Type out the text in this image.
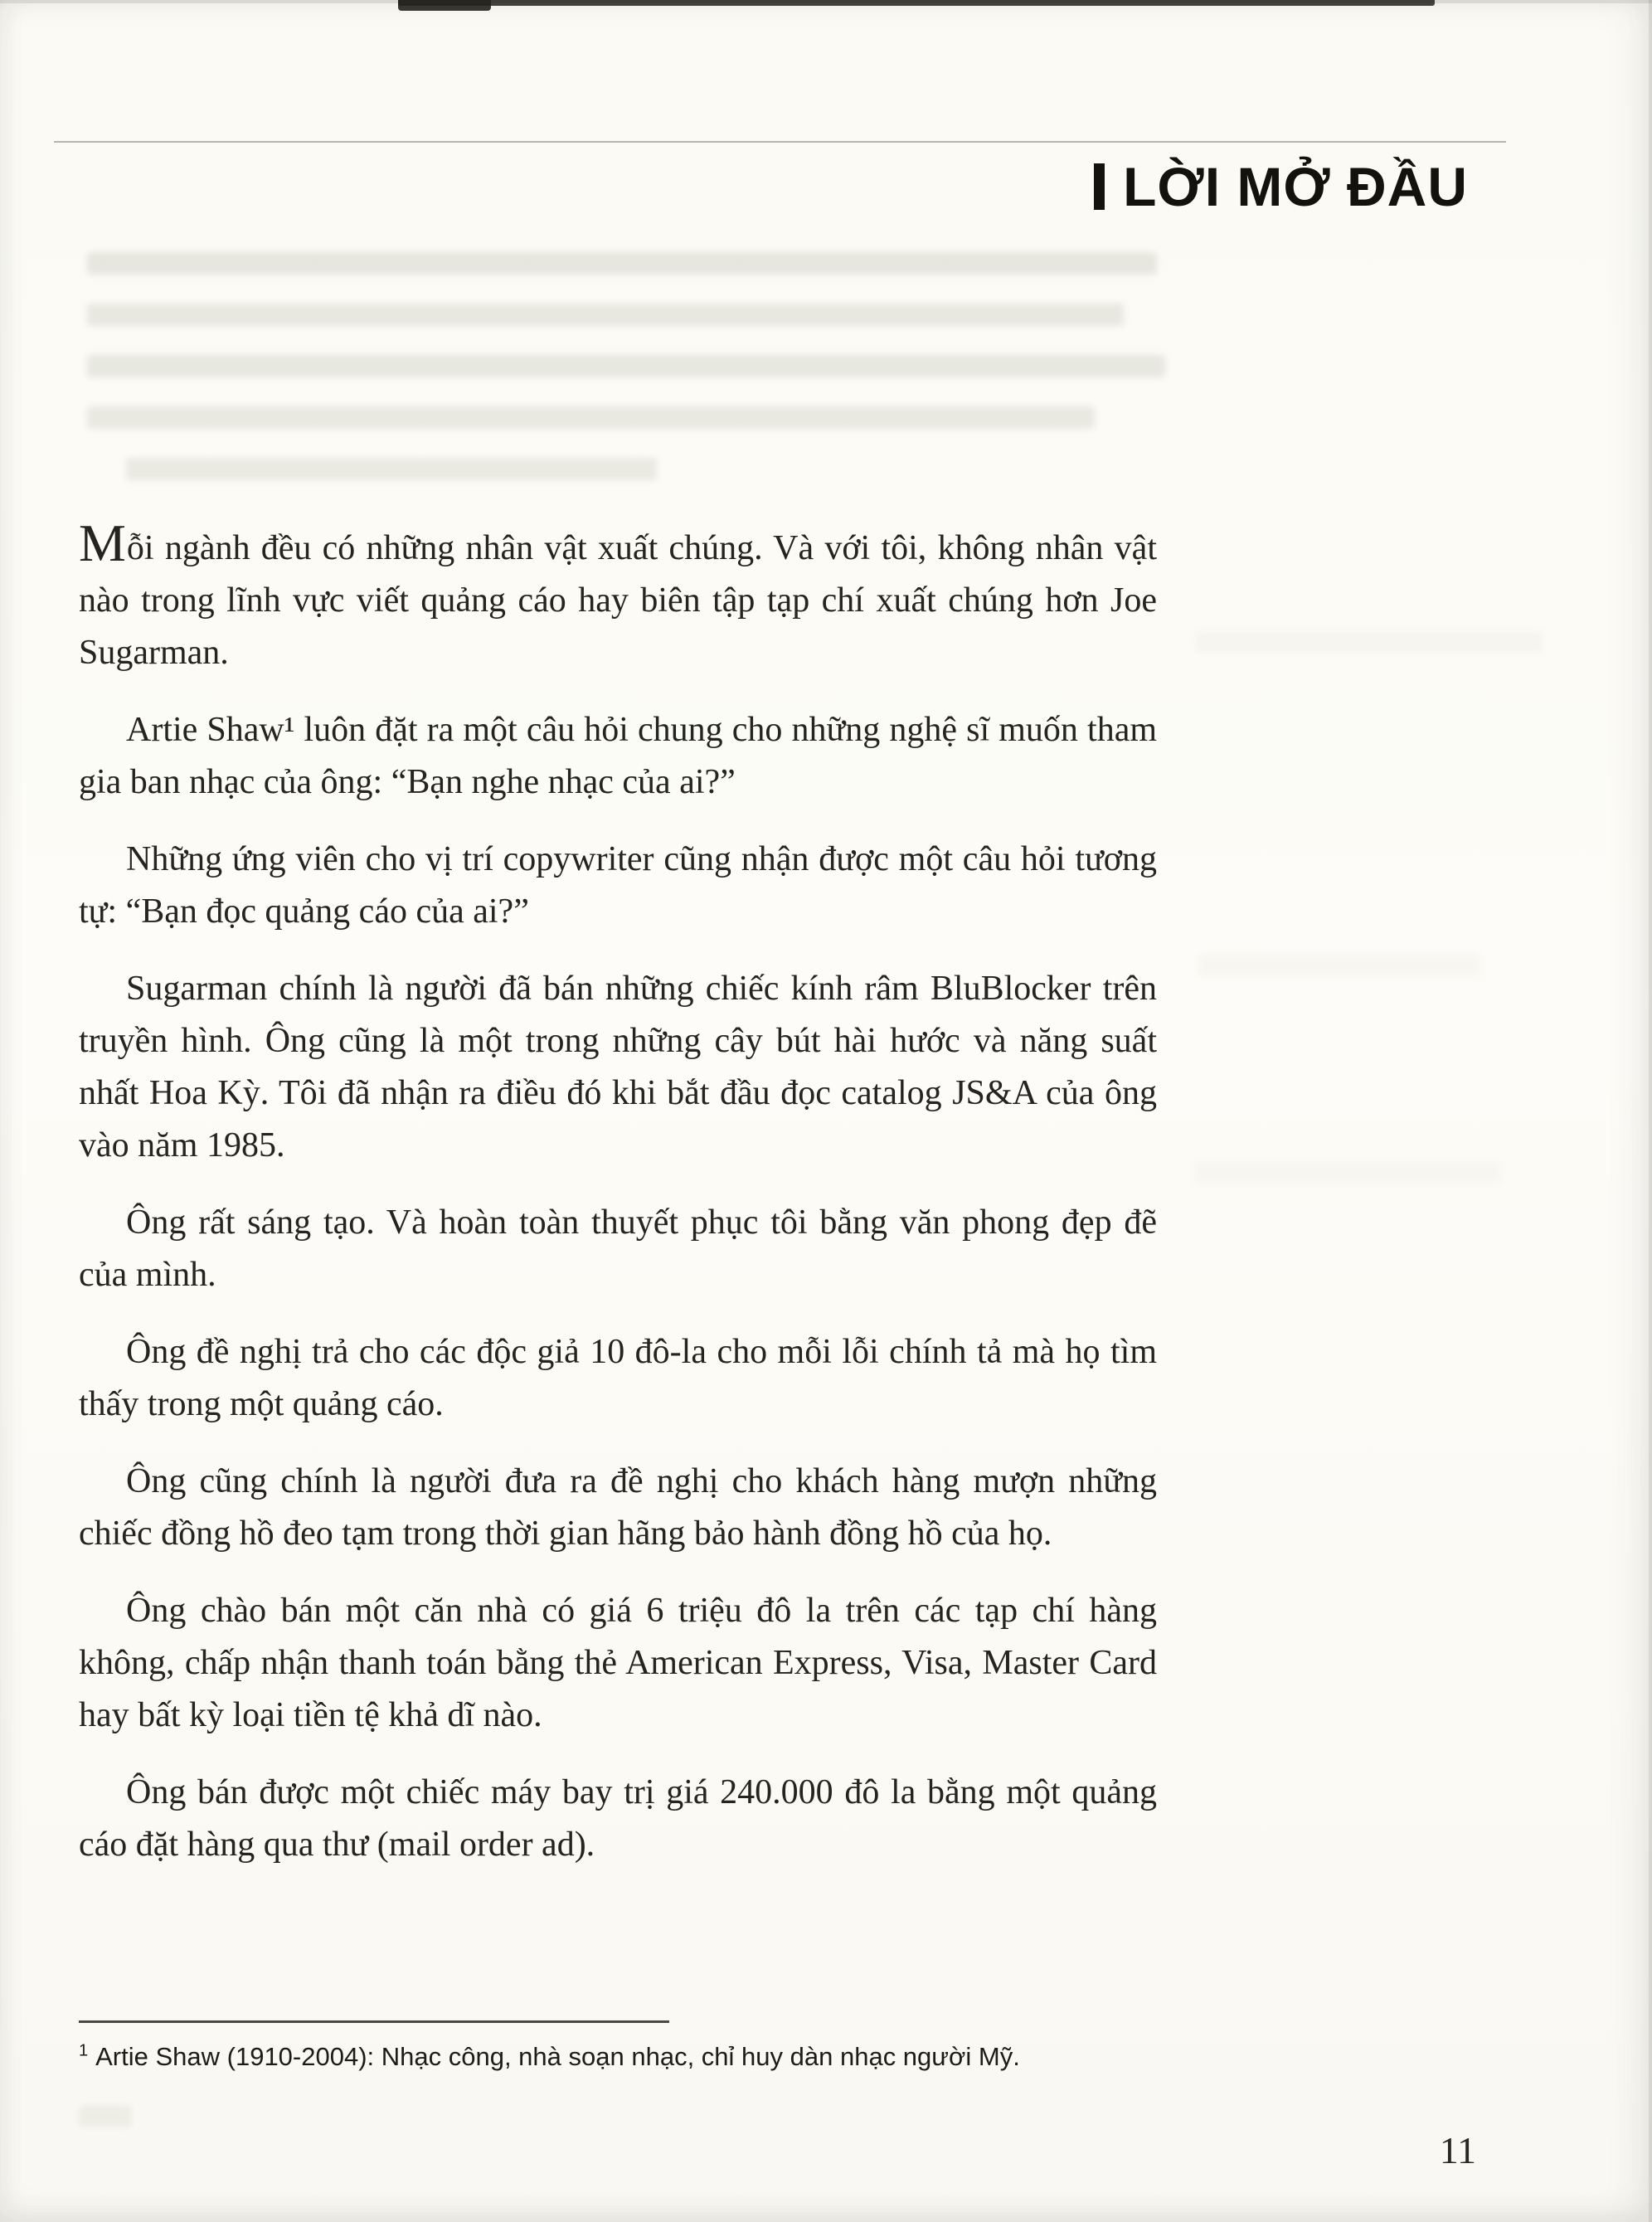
LỜI MỞ ĐẦU

Mỗi ngành đều có những nhân vật xuất chúng. Và với tôi, không nhân vật nào trong lĩnh vực viết quảng cáo hay biên tập tạp chí xuất chúng hơn Joe Sugarman.

Artie Shaw¹ luôn đặt ra một câu hỏi chung cho những nghệ sĩ muốn tham gia ban nhạc của ông: “Bạn nghe nhạc của ai?”

Những ứng viên cho vị trí copywriter cũng nhận được một câu hỏi tương tự: “Bạn đọc quảng cáo của ai?”

Sugarman chính là người đã bán những chiếc kính râm BluBlocker trên truyền hình. Ông cũng là một trong những cây bút hài hước và năng suất nhất Hoa Kỳ. Tôi đã nhận ra điều đó khi bắt đầu đọc catalog JS&A của ông vào năm 1985.

Ông rất sáng tạo. Và hoàn toàn thuyết phục tôi bằng văn phong đẹp đẽ của mình.

Ông đề nghị trả cho các độc giả 10 đô-la cho mỗi lỗi chính tả mà họ tìm thấy trong một quảng cáo.

Ông cũng chính là người đưa ra đề nghị cho khách hàng mượn những chiếc đồng hồ đeo tạm trong thời gian hãng bảo hành đồng hồ của họ.

Ông chào bán một căn nhà có giá 6 triệu đô la trên các tạp chí hàng không, chấp nhận thanh toán bằng thẻ American Express, Visa, Master Card hay bất kỳ loại tiền tệ khả dĩ nào.

Ông bán được một chiếc máy bay trị giá 240.000 đô la bằng một quảng cáo đặt hàng qua thư (mail order ad).

$^1$ Artie Shaw (1910-2004): Nhạc công, nhà soạn nhạc, chỉ huy dàn nhạc người Mỹ.
11
